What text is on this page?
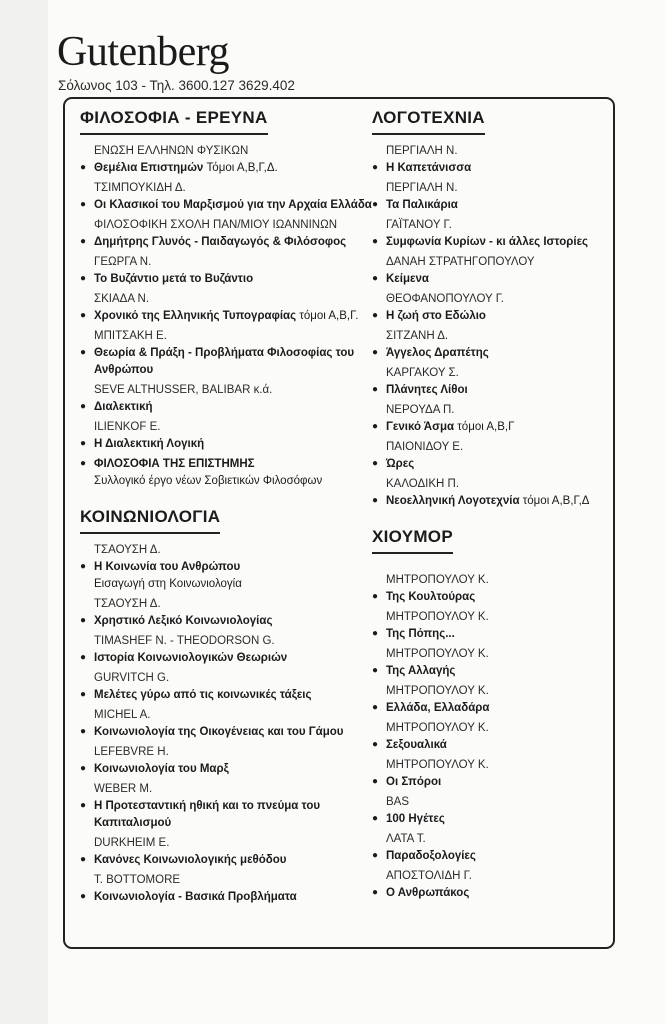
Gutenberg
Σόλωνος 103 - Τηλ. 3600.127 3629.402
ΦΙΛΟΣΟΦΙΑ - ΕΡΕΥΝΑ
ΕΝΩΣΗ ΕΛΛΗΝΩΝ ΦΥΣΙΚΩΝ
● Θεμέλια Επιστημών Τόμοι Α,Β,Γ,Δ.
ΤΣΙΜΠΟΥΚΙΔΗ Δ.
● Οι Κλασικοί του Μαρξισμού για την Αρχαία Ελλάδα
ΦΙΛΟΣΟΦΙΚΗ ΣΧΟΛΗ ΠΑΝ/ΜΙΟΥ ΙΩΑΝΝΙΝΩΝ
● Δημήτρης Γλυνός - Παιδαγωγός & Φιλόσοφος
ΓΕΩΡΓΑ Ν.
● Το Βυζάντιο μετά το Βυζάντιο
ΣΚΙΑΔΑ Ν.
● Χρονικό της Ελληνικής Τυπογραφίας τόμοι Α,Β,Γ.
ΜΠΙΤΣΑΚΗ Ε.
● Θεωρία & Πράξη - Προβλήματα Φιλοσοφίας του Ανθρώπου
SEVE ALTHUSSER, BALIBAR κ.ά.
● Διαλεκτική
ILIENKOF E.
● Η Διαλεκτική Λογική
● ΦΙΛΟΣΟΦΙΑ ΤΗΣ ΕΠΙΣΤΗΜΗΣ
Συλλογικό έργο νέων Σοβιετικών Φιλοσόφων
ΚΟΙΝΩΝΙΟΛΟΓΙΑ
ΤΣΑΟΥΣΗ Δ.
● Η Κοινωνία του Ανθρώπου
Εισαγωγή στη Κοινωνιολογία
ΤΣΑΟΥΣΗ Δ.
● Χρηστικό Λεξικό Κοινωνιολογίας
TIMASHEF N. - THEODORSON G.
● Ιστορία Κοινωνιολογικών Θεωριών
GURVITCH G.
● Μελέτες γύρω από τις κοινωνικές τάξεις
MICHEL A.
● Κοινωνιολογία της Οικογένειας και του Γάμου
LEFEBVRE H.
● Κοινωνιολογία του Μαρξ
WEBER M.
● Η Προτεσταντική ηθική και το πνεύμα του Καπιταλισμού
DURKHEIM E.
● Κανόνες Κοινωνιολογικής μεθόδου
T. BOTTOMORE
● Κοινωνιολογία - Βασικά Προβλήματα
ΛΟΓΟΤΕΧΝΙΑ
ΠΕΡΓΙΑΛΗ Ν.
● Η Καπετάνισσα
ΠΕΡΓΙΑΛΗ Ν.
● Τα Παλικάρια
ΓΑΪΤΑΝΟΥ Γ.
● Συμφωνία Κυρίων - κι άλλες Ιστορίες
ΔΑΝΑΗ ΣΤΡΑΤΗΓΟΠΟΥΛΟΥ
● Κείμενα
ΘΕΟΦΑΝΟΠΟΥΛΟΥ Γ.
● Η ζωή στο Εδώλιο
ΣΙΤΖΑΝΗ Δ.
● Άγγελος Δραπέτης
ΚΑΡΓΑΚΟΥ Σ.
● Πλάνητες Λίθοι
ΝΕΡΟΥΔΑ Π.
● Γενικό Άσμα τόμοι Α,Β,Γ
ΠΑΙΟΝΙΔΟΥ Ε.
● Ώρες
ΚΑΛΟΔΙΚΗ Π.
● Νεοελληνική Λογοτεχνία τόμοι Α,Β,Γ,Δ
ΧΙΟΥΜΟΡ
ΜΗΤΡΟΠΟΥΛΟΥ Κ.
● Της Κουλτούρας
ΜΗΤΡΟΠΟΥΛΟΥ Κ.
● Της Πόπης...
ΜΗΤΡΟΠΟΥΛΟΥ Κ.
● Της Αλλαγής
ΜΗΤΡΟΠΟΥΛΟΥ Κ.
● Ελλάδα, Ελλαδάρα
ΜΗΤΡΟΠΟΥΛΟΥ Κ.
● Σεξουαλικά
ΜΗΤΡΟΠΟΥΛΟΥ Κ.
● Οι Σπόροι
BAS
● 100 Ηγέτες
ΛΑΤΑ Τ.
● Παραδοξολογίες
ΑΠΟΣΤΟΛΙΔΗ Γ.
● Ο Ανθρωπάκος
